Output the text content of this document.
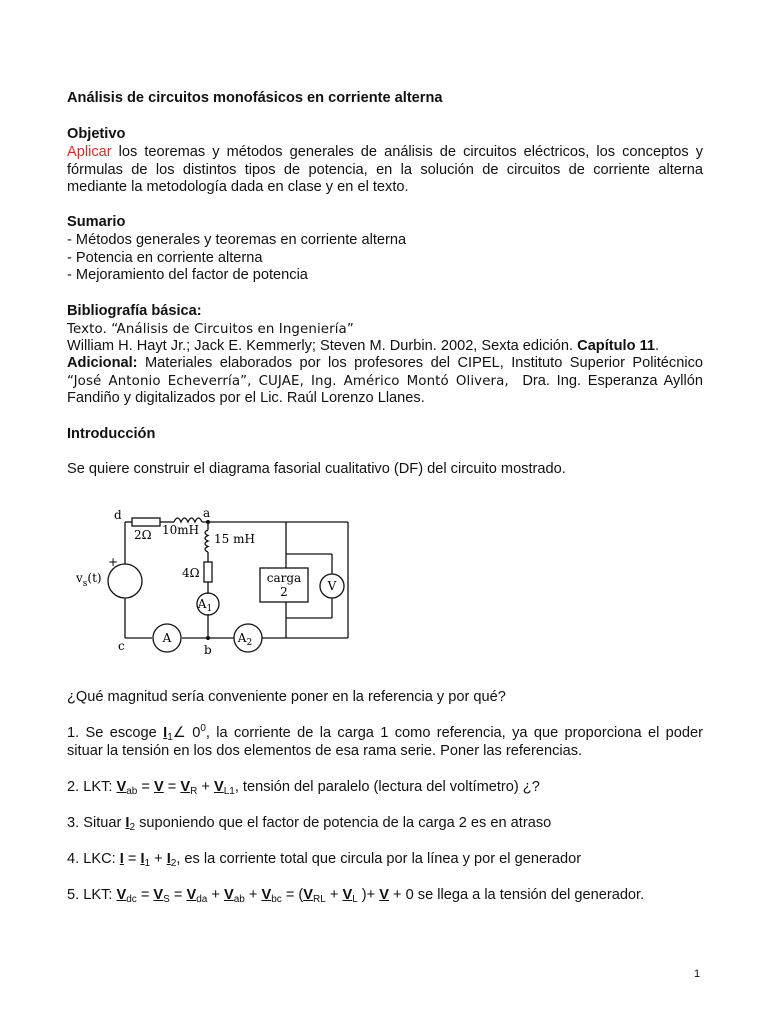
Análisis de circuitos monofásicos en corriente alterna
Objetivo
Aplicar los teoremas y métodos generales de análisis de circuitos eléctricos, los conceptos y fórmulas de los distintos tipos de potencia, en la solución de circuitos de corriente alterna mediante la metodología dada en clase y en el texto.
Sumario
- Métodos generales y teoremas en corriente alterna
- Potencia en corriente alterna
- Mejoramiento del factor de potencia
Bibliografía básica:
Texto. “Análisis de Circuitos en Ingeniería”
William H. Hayt Jr.; Jack E. Kemmerly; Steven M. Durbin. 2002, Sexta edición. Capítulo 11.
Adicional: Materiales elaborados por los profesores del CIPEL, Instituto Superior Politécnico “José Antonio Echeverría”, CUJAE, Ing. Américo Montó Olivera, Dra. Ing. Esperanza Ayllón Fandiño y digitalizados por el Lic. Raúl Lorenzo Llanes.
Introducción
Se quiere construir el diagrama fasorial cualitativo (DF) del circuito mostrado.
d	a
b
c
2Ω 10mH
15 mH
4Ω
+
$v_s(t)$	carga
2	V
A
$A_1$
$A_2$
¿Qué magnitud sería conveniente poner en la referencia y por qué?
1. Se escoge $I_1\angle$ $0^0$, la corriente de la carga 1 como referencia, ya que proporciona el poder situar la tensión en los dos elementos de esa rama serie. Poner las referencias.
2. LKT: $V_{ab} = V = V_R + V_{L1}$, tensión del paralelo (lectura del voltímetro) ¿?
3. Situar $I_2$ suponiendo que el factor de potencia de la carga 2 es en atraso
4. LKC: $I = I_1 + I_2$, es la corriente total que circula por la línea y por el generador
5. LKT: $V_{dc} = V_S = V_{da} + V_{ab} + V_{bc} = (V_{RL} + V_L$ )+ V + 0 se llega a la tensión del generador.
1
